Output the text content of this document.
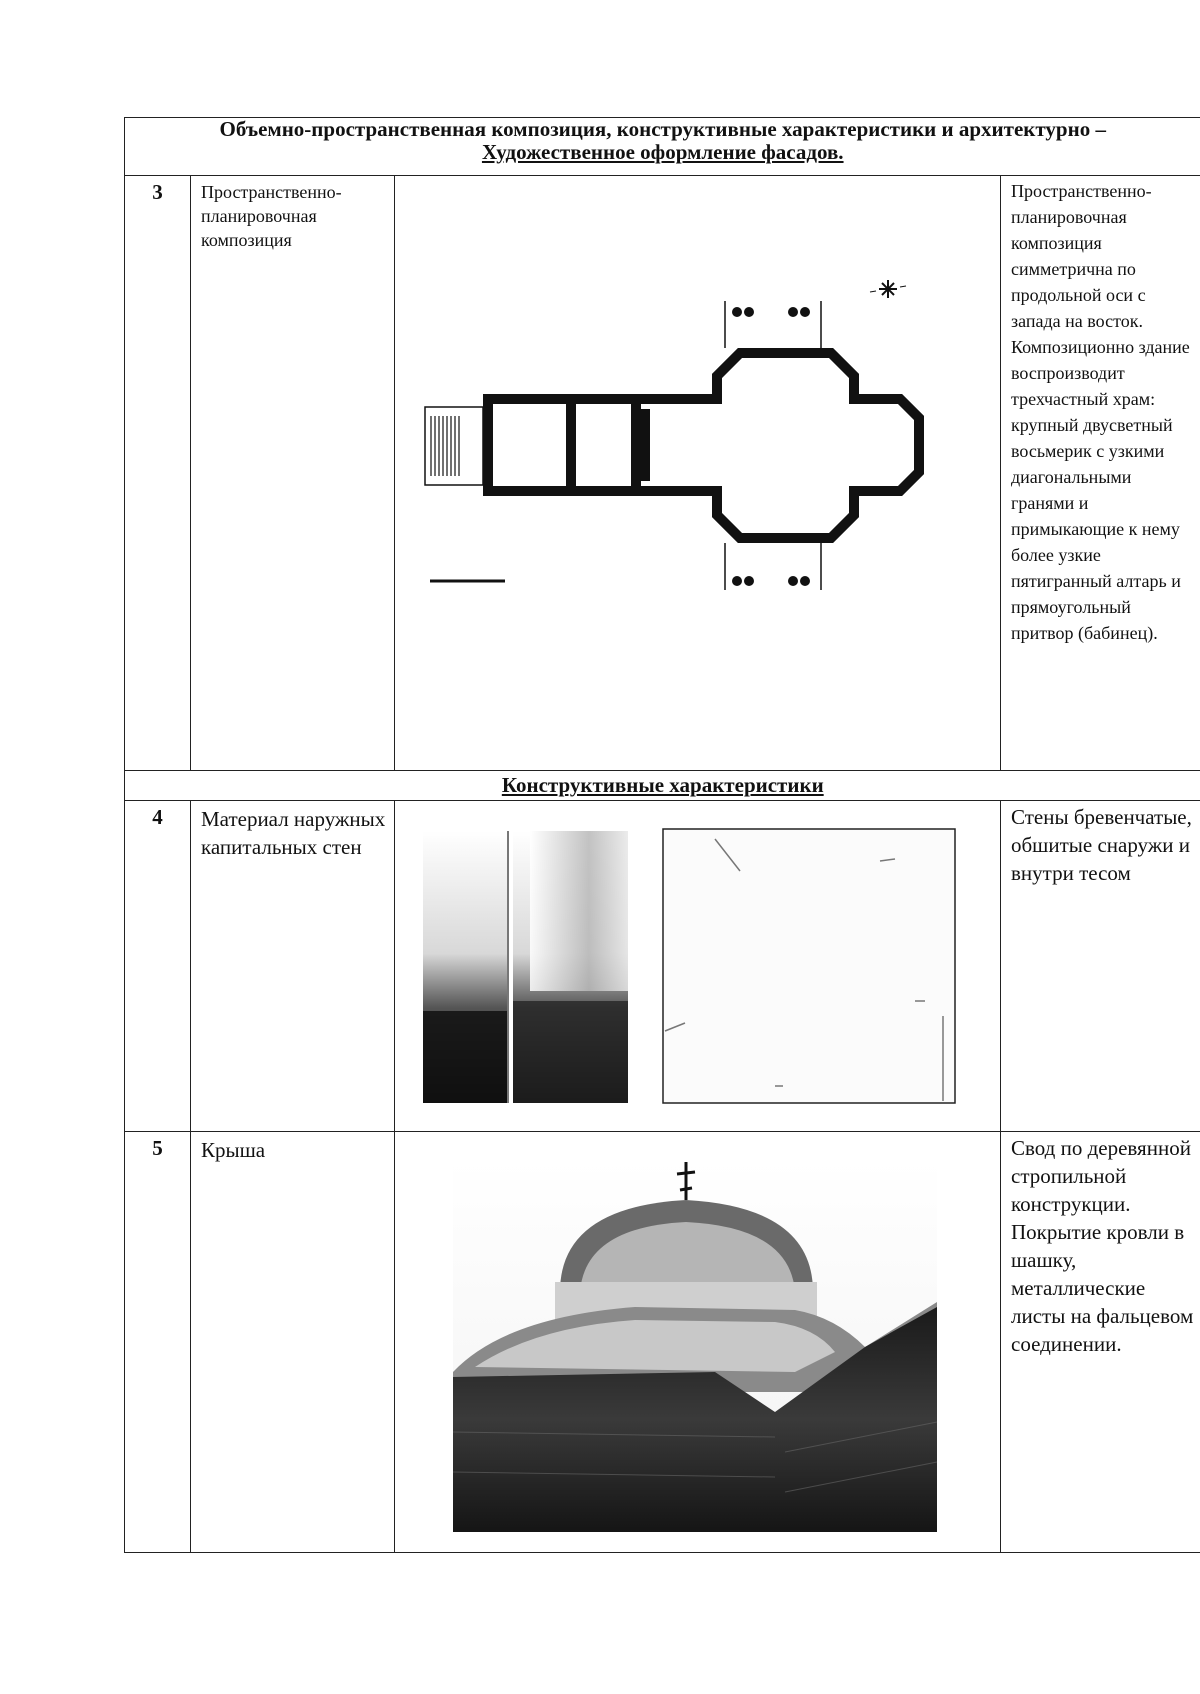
Объемно-пространственная композиция, конструктивные характеристики и архитектурно –
Художественное оформление фасадов.			

3	Пространственно-планировочная композиция		Пространственно-планировочная композиция симметрична по продольной оси с запада на восток. Композиционно здание воспроизводит трехчастный храм: крупный двусветный восьмерик с узкими диагональными гранями и примыкающие к нему более узкие пятигранный алтарь и прямоугольный притвор (бабинец).
Конструктивные характеристики			
4	Материал наружных капитальных стен		Стены бревенчатые, обшитые снаружи и внутри тесом
5	Крыша		Свод по деревянной стропильной конструкции. Покрытие кровли в шашку, металлические листы на фальцевом соединении.
